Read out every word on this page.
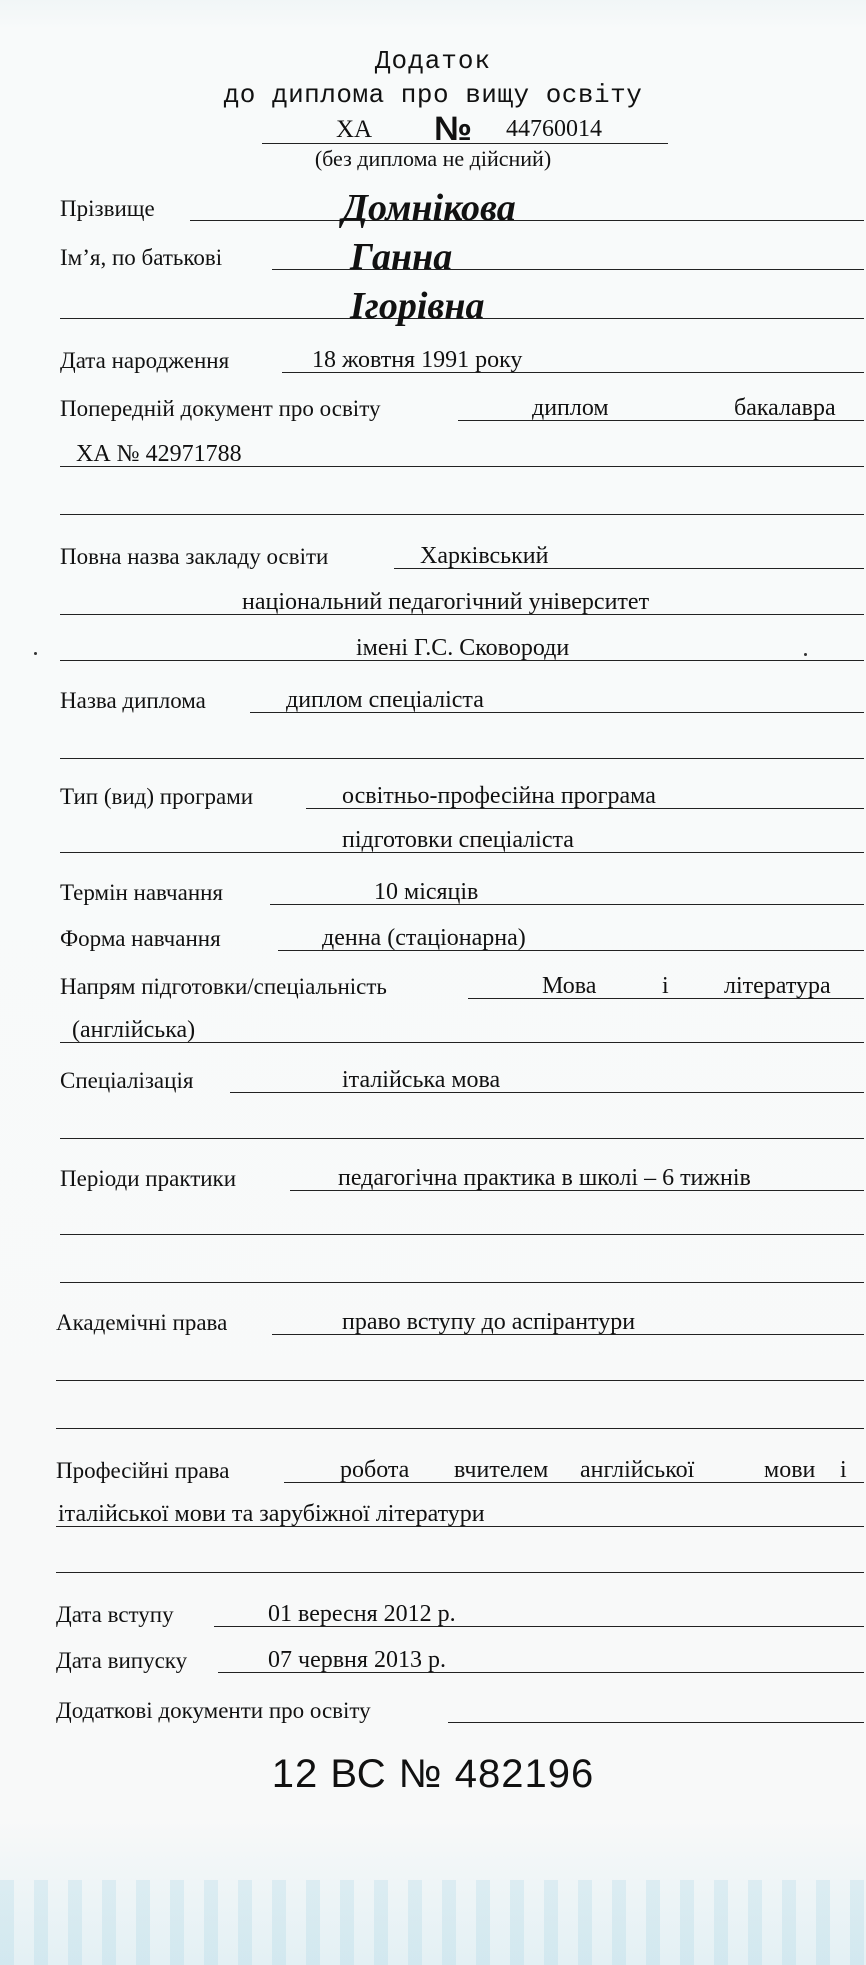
Додаток
до диплома про вищу освіту
ХА № 44760014
(без диплома не дійсний)
Прізвище	Домнікова
Ім’я, по батькові	Ганна
Ігорівна
Дата народження	18 жовтня 1991 року
Попередній документ про освіту	диплом	бакалавра
ХА № 42971788
Повна назва закладу освіти	Харківський
національний педагогічний університет
імені Г.С. Сковороди
Назва диплома	диплом спеціаліста
Тип (вид) програми	освітньо-професійна програма
підготовки спеціаліста
Термін навчання	10 місяців
Форма навчання	денна (стаціонарна)
Напрям підготовки/спеціальність	Мова	і література
(англійська)
Спеціалізація	італійська мова
Періоди практики	педагогічна практика в школі – 6 тижнів
Академічні права	право вступу до аспірантури
Професійні права	робота вчителем англійської	мови і
італійської мови та зарубіжної літератури
Дата вступу	01 вересня 2012 р.
Дата випуску	07 червня 2013 р.
Додаткові документи про освіту
12 ВС № 482196
